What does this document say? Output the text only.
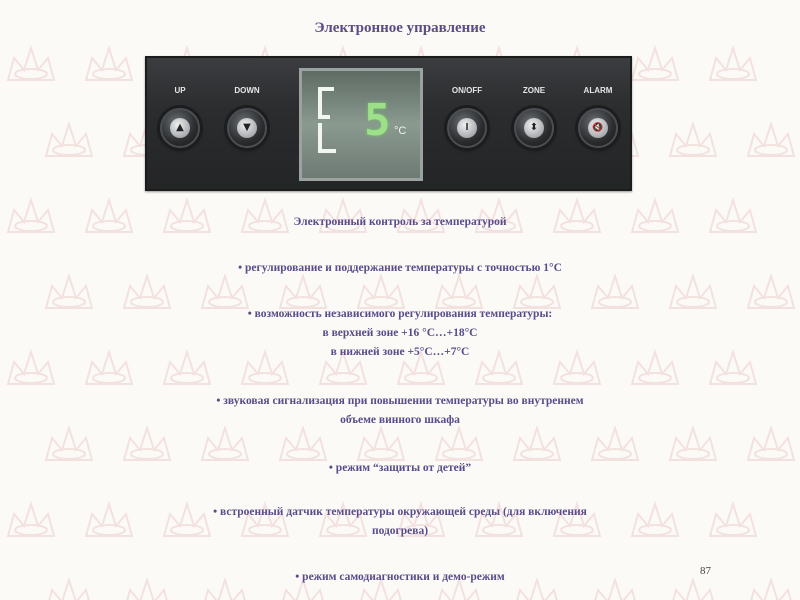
Электронное управление
UP
▲
DOWN
▼	5 °C
ON/OFF
I
ZONE
⬍
ALARM
🔇
Электронный контроль за температурой
• регулирование и поддержание температуры с точностью 1°С
• возможность независимого регулирования температуры:
в верхней зоне +16 °С…+18°С
в нижней зоне +5°С…+7°С
• звуковая сигнализация при повышении температуры во внутреннем
объеме винного шкафа
• режим “защиты от детей”
• встроенный датчик температуры окружающей среды (для включения
подогрева)
• режим самодиагностики и демо-режим	87
